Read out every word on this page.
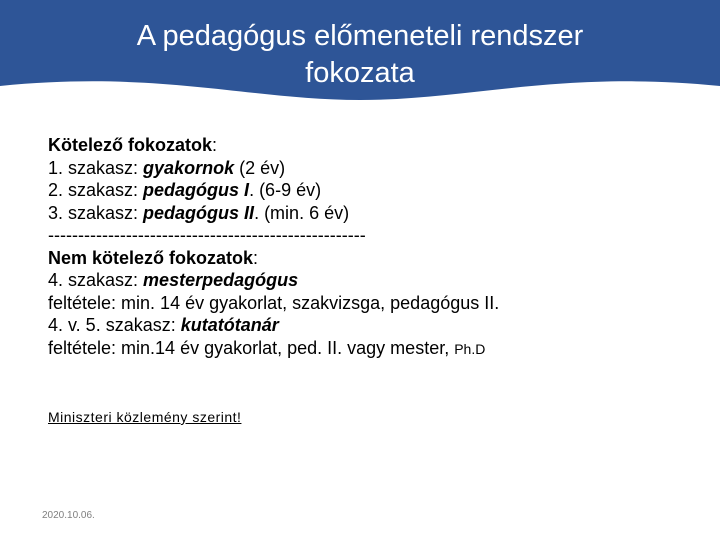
A pedagógus előmeneteli rendszer
fokozata
Kötelező fokozatok:
1. szakasz: gyakornok (2 év)
2. szakasz: pedagógus I. (6-9 év)
3. szakasz: pedagógus II. (min. 6 év)
-----------------------------------------------------
Nem kötelező fokozatok:
4. szakasz: mesterpedagógus
feltétele: min. 14 év gyakorlat, szakvizsga, pedagógus II.
4. v. 5. szakasz: kutatótanár
feltétele: min.14 év gyakorlat, ped. II. vagy mester, Ph.D
Miniszteri közlemény szerint!
2020.10.06.
